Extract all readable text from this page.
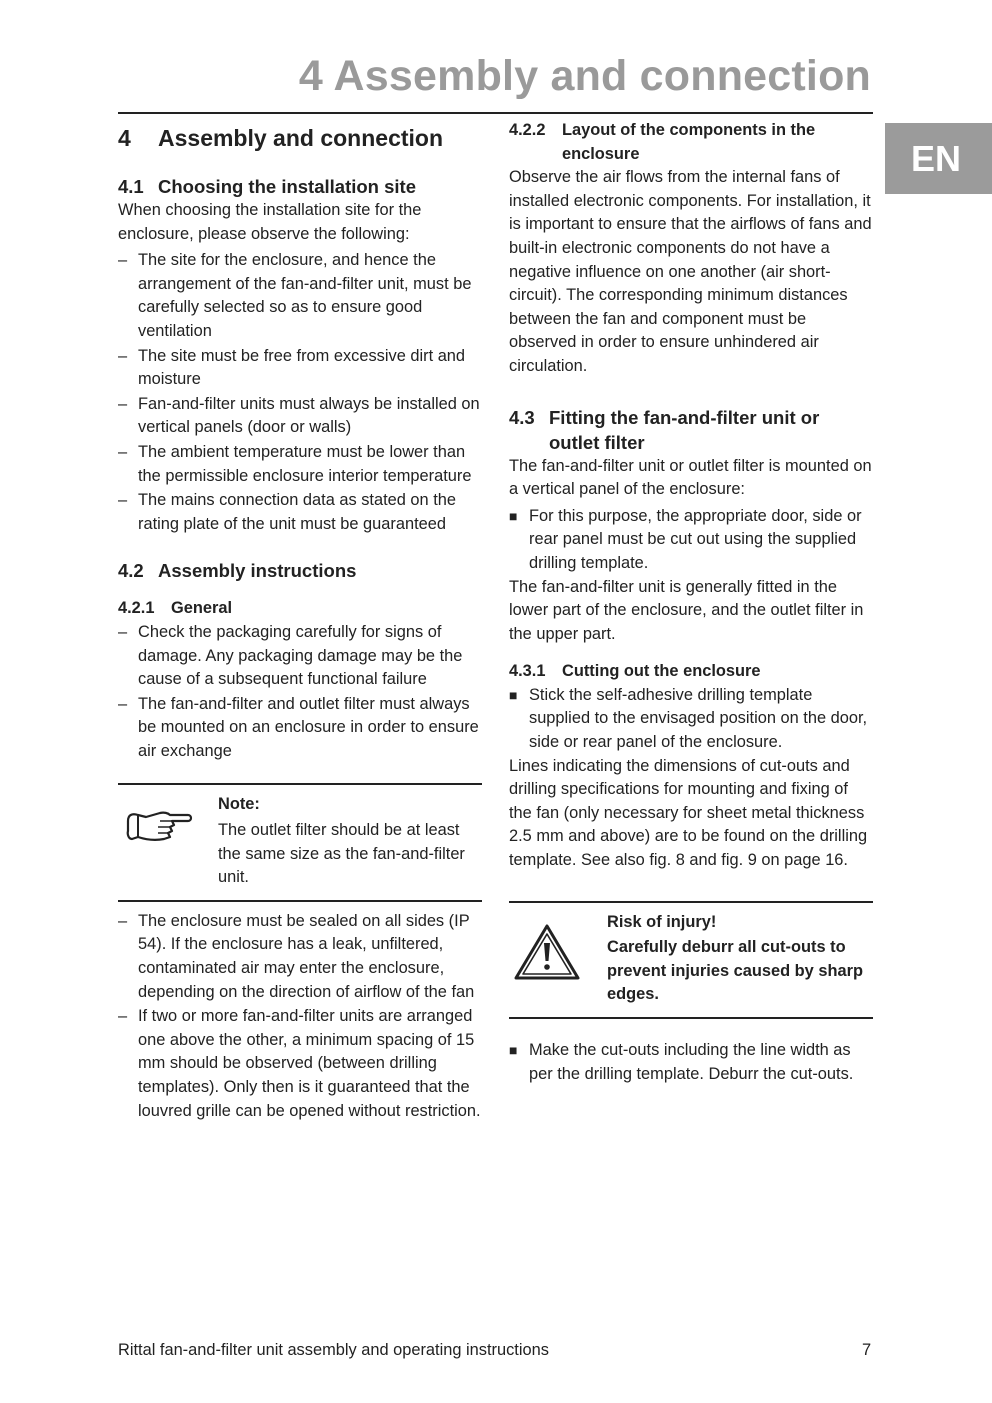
4 Assembly and connection
EN
4	Assembly and connection
4.1 Choosing the installation site

When choosing the installation site for the enclosure, please observe the following:

– The site for the enclosure, and hence the arrangement of the fan-and-filter unit, must be carefully selected so as to ensure good ventilation
– The site must be free from excessive dirt and moisture
– Fan-and-filter units must always be installed on vertical panels (door or walls)
– The ambient temperature must be lower than the permissible enclosure interior temperature
– The mains connection data as stated on the rating plate of the unit must be guaranteed
4.2 Assembly instructions
4.2.1	General
– Check the packaging carefully for signs of damage. Any packaging damage may be the cause of a subsequent functional failure
– The fan-and-filter and outlet filter must always be mounted on an enclosure in order to ensure air exchange
Note:
The outlet filter should be at least the same size as the fan-and-filter unit.
– The enclosure must be sealed on all sides (IP 54). If the enclosure has a leak, unfiltered, contaminated air may enter the enclosure, depending on the direction of airflow of the fan
– If two or more fan-and-filter units are arranged one above the other, a minimum spacing of 15 mm should be observed (between drilling templates). Only then is it guaranteed that the louvred grille can be opened without restriction.
4.2.2	Layout of the components in the enclosure

Observe the air flows from the internal fans of installed electronic components. For installation, it is important to ensure that the airflows of fans and built-in electronic components do not have a negative influence on one another (air short-circuit). The corresponding minimum distances between the fan and component must be observed in order to ensure unhindered air circulation.

4.3 Fitting the fan-and-filter unit or outlet filter

The fan-and-filter unit or outlet filter is mounted on a vertical panel of the enclosure:

■ For this purpose, the appropriate door, side or rear panel must be cut out using the supplied drilling template.

The fan-and-filter unit is generally fitted in the lower part of the enclosure, and the outlet filter in the upper part.

4.3.1	Cutting out the enclosure
■ Stick the self-adhesive drilling template supplied to the envisaged position on the door, side or rear panel of the enclosure.

Lines indicating the dimensions of cut-outs and drilling specifications for mounting and fixing of the fan (only necessary for sheet metal thickness 2.5 mm and above) are to be found on the drilling template. See also fig. 8 and fig. 9 on page 16.

Risk of injury!
Carefully deburr all cut-outs to prevent injuries caused by sharp edges.
■ Make the cut-outs including the line width as per the drilling template. Deburr the cut-outs.
Rittal fan-and-filter unit assembly and operating instructions	7
